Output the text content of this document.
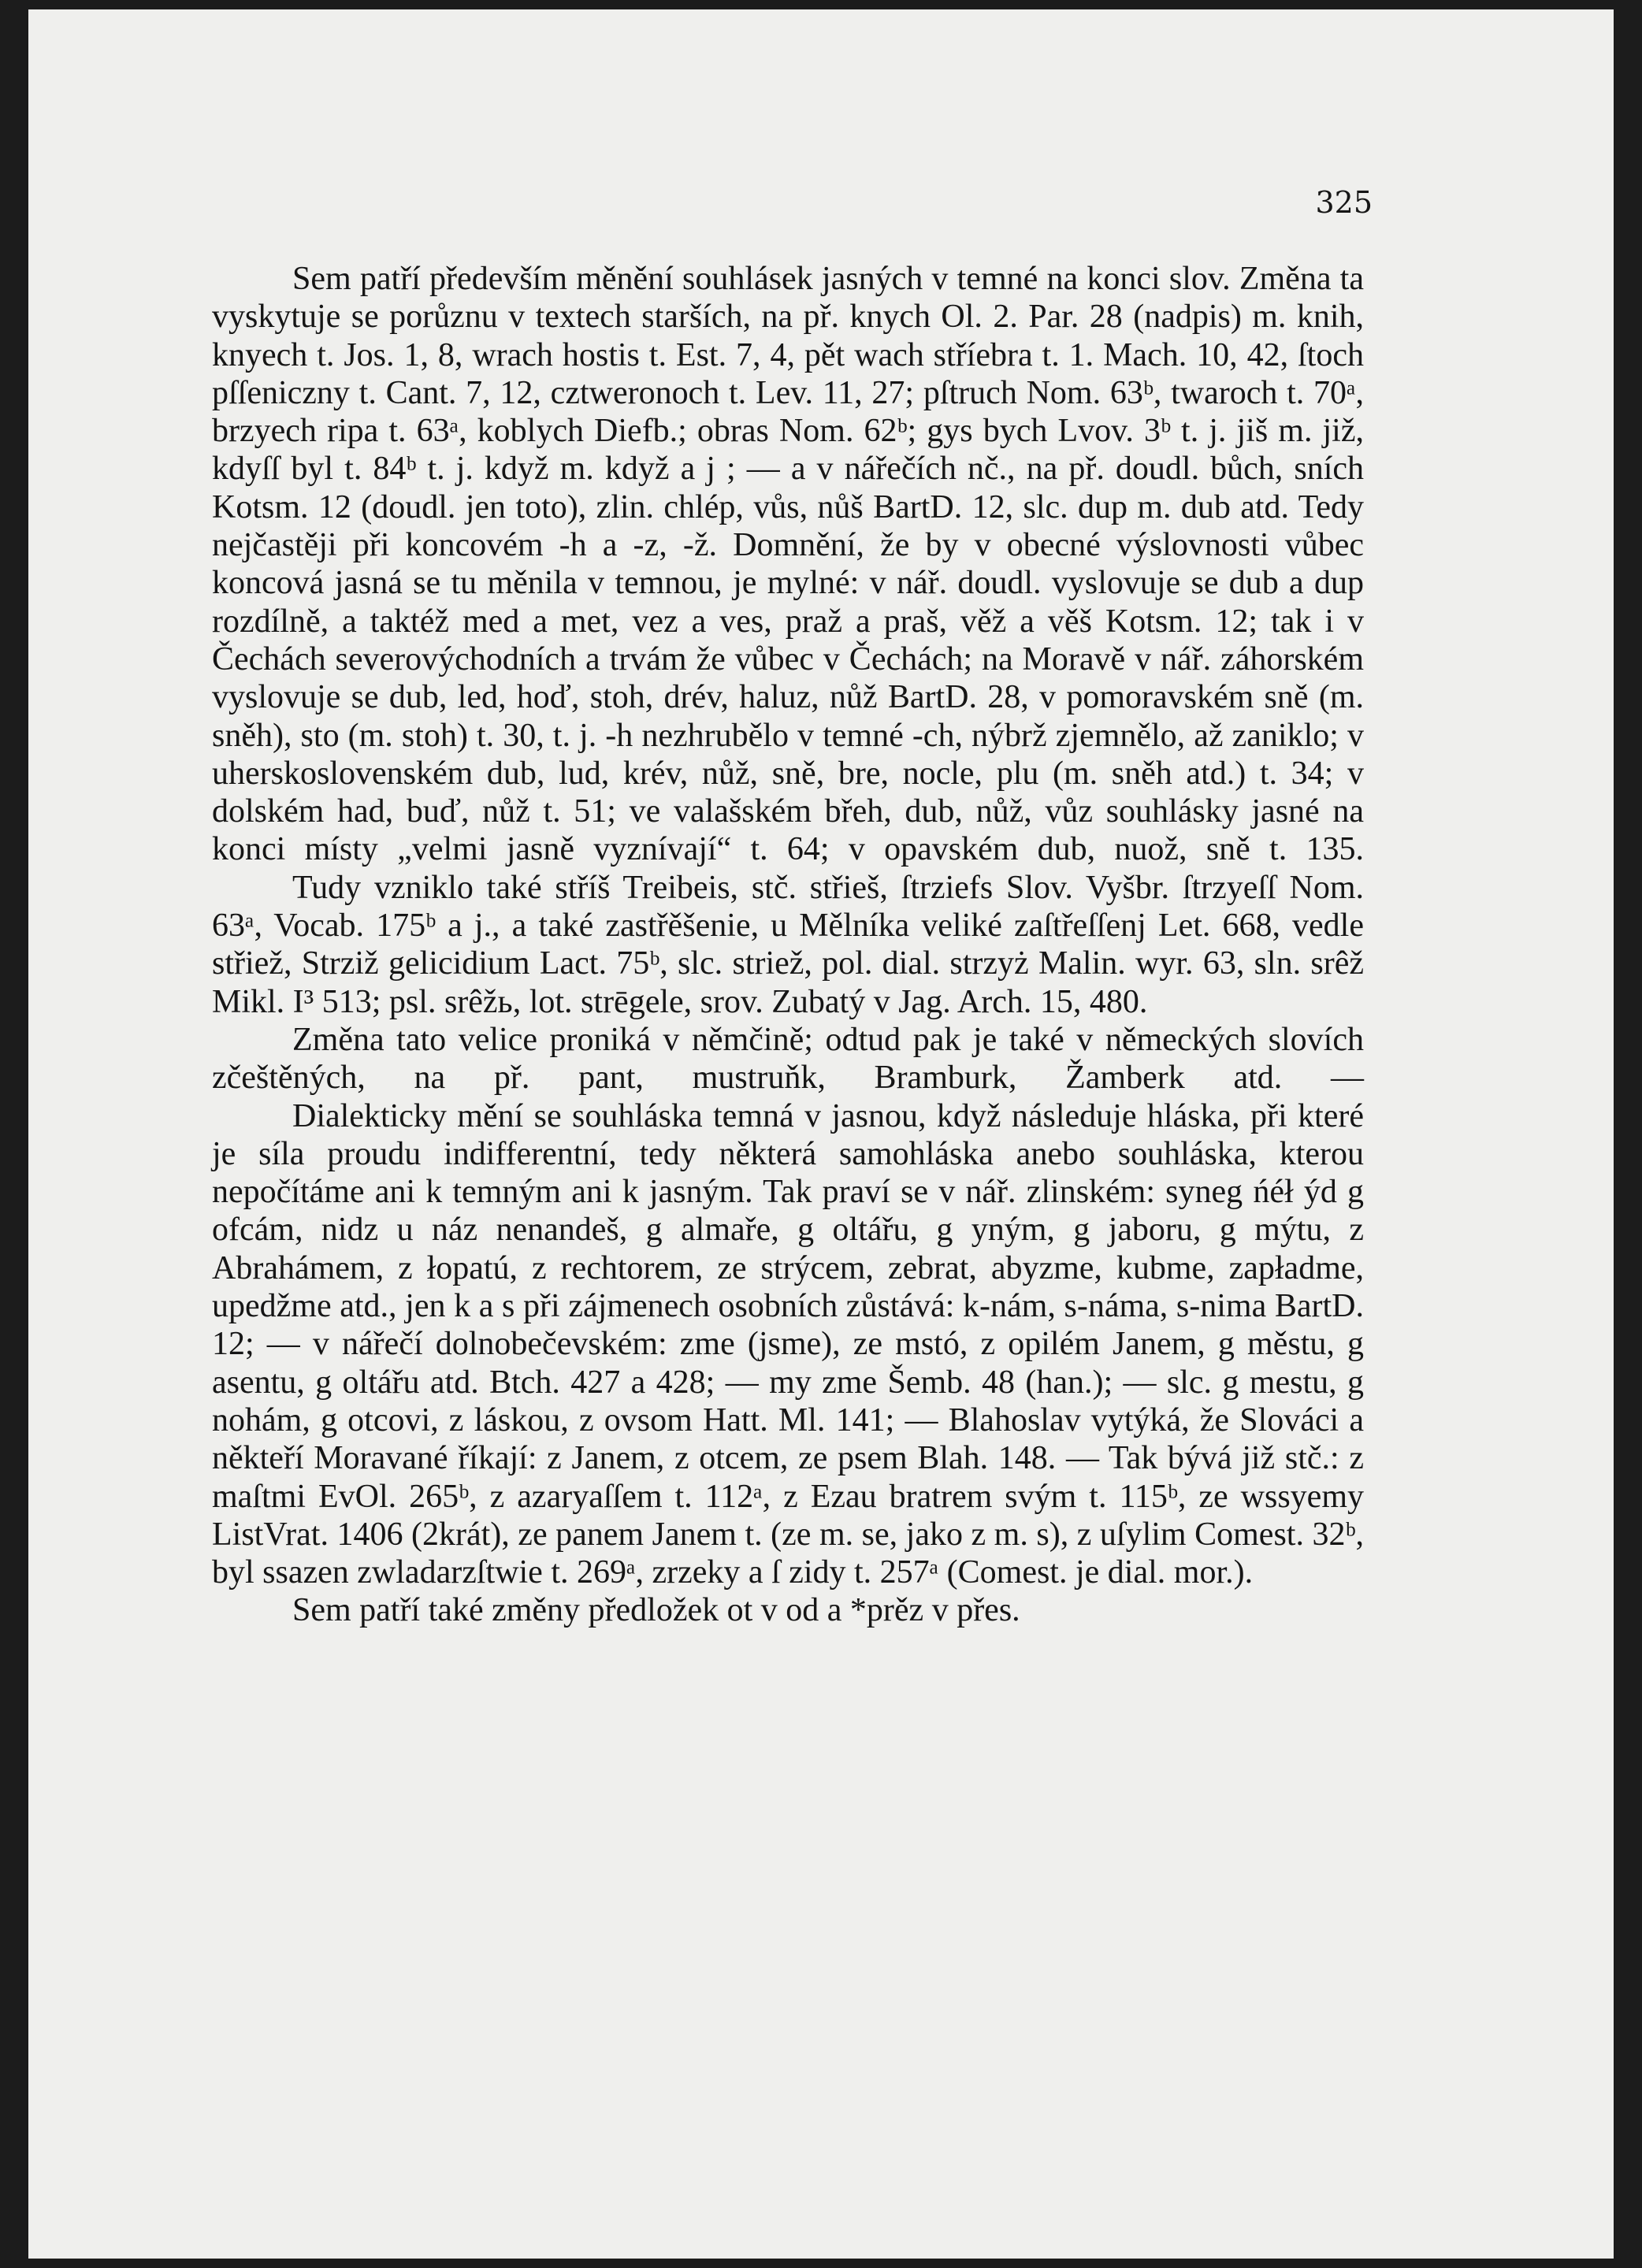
325

Sem patří především měnění souhlásek jasných v temné na konci slov. Změna ta vyskytuje se porůznu v textech starších, na př. knych Ol. 2. Par. 28 (nadpis) m. knih, knyech t. Jos. 1, 8, wrach hostis t. Est. 7, 4, pět wach stříebra t. 1. Mach. 10, 42, ſtoch pſſeniczny t. Cant. 7, 12, cztweronoch t. Lev. 11, 27; pſtruch Nom. 63ᵇ, twaroch t. 70ᵃ, brzyech ripa t. 63ᵃ, koblych Diefb.; obras Nom. 62ᵇ; gys bych Lvov. 3ᵇ t. j. jiš m. již, kdyſſ byl t. 84ᵇ t. j. když m. když a j ; — a v nářečích nč., na př. doudl. bůch, sních Kotsm. 12 (doudl. jen toto), zlin. chlép, vůs, nůš BartD. 12, slc. dup m. dub atd. Tedy nejčastěji při koncovém -h a -z, -ž. Domnění, že by v obecné výslovnosti vůbec koncová jasná se tu měnila v temnou, je mylné: v nář. doudl. vyslovuje se dub a dup rozdílně, a taktéž med a met, vez a ves, praž a praš, věž a věš Kotsm. 12; tak i v Čechách severovýchodních a trvám že vůbec v Čechách; na Moravě v nář. záhorském vyslovuje se dub, led, hoď, stoh, drév, haluz, nůž BartD. 28, v pomoravském sně (m. sněh), sto (m. stoh) t. 30, t. j. -h nezhrubělo v temné -ch, nýbrž zjemnělo, až zaniklo; v uherskoslovenském dub, lud, krév, nůž, sně, bre, nocle, plu (m. sněh atd.) t. 34; v dolském had, buď, nůž t. 51; ve valašském břeh, dub, nůž, vůz souhlásky jasné na konci místy „velmi jasně vyznívají“ t. 64; v opavském dub, nuož, sně t. 135.

Tudy vzniklo také stříš Treibeis, stč. střieš, ſtrziefs Slov. Vyšbr. ſtrzyeſſ Nom. 63ᵃ, Vocab. 175ᵇ a j., a také zastřěšenie, u Mělníka veliké zaſtřeſſenj Let. 668, vedle střiež, Strziž gelicidium Lact. 75ᵇ, slc. striež, pol. dial. strzyż Malin. wyr. 63, sln. srêž Mikl. I³ 513; psl. srêžь, lot. strēgele, srov. Zubatý v Jag. Arch. 15, 480.

Změna tato velice proniká v němčině; odtud pak je také v německých slovích zčeštěných, na př. pant, mustruňk, Bramburk, Žamberk atd. —

Dialekticky mění se souhláska temná v jasnou, když následuje hláska, při které je síla proudu indifferentní, tedy některá samohláska anebo souhláska, kterou nepočítáme ani k temným ani k jasným. Tak praví se v nář. zlinském: syneg ńéł ýd g ofcám, nidz u náz nenandeš, g almaře, g oltářu, g yným, g jaboru, g mýtu, z Abrahámem, z łopatú, z rechtorem, ze strýcem, zebrat, abyzme, kubme, zapładme, upedžme atd., jen k a s při zájmenech osobních zůstává: k-nám, s-náma, s-nima BartD. 12; — v nářečí dolnobečevském: zme (jsme), ze mstó, z opilém Janem, g městu, g asentu, g oltářu atd. Btch. 427 a 428; — my zme Šemb. 48 (han.); — slc. g mestu, g nohám, g otcovi, z láskou, z ovsom Hatt. Ml. 141; — Blahoslav vytýká, že Slováci a někteří Moravané říkají: z Janem, z otcem, ze psem Blah. 148. — Tak bývá již stč.: z maſtmi EvOl. 265ᵇ, z azaryaſſem t. 112ᵃ, z Ezau bratrem svým t. 115ᵇ, ze wssyemy ListVrat. 1406 (2krát), ze panem Janem t. (ze m. se, jako z m. s), z uſylim Comest. 32ᵇ, byl ssazen zwladarzſtwie t. 269ᵃ, zrzeky a ſ zidy t. 257ᵃ (Comest. je dial. mor.).

Sem patří také změny předložek ot v od a *prěz v přes.
